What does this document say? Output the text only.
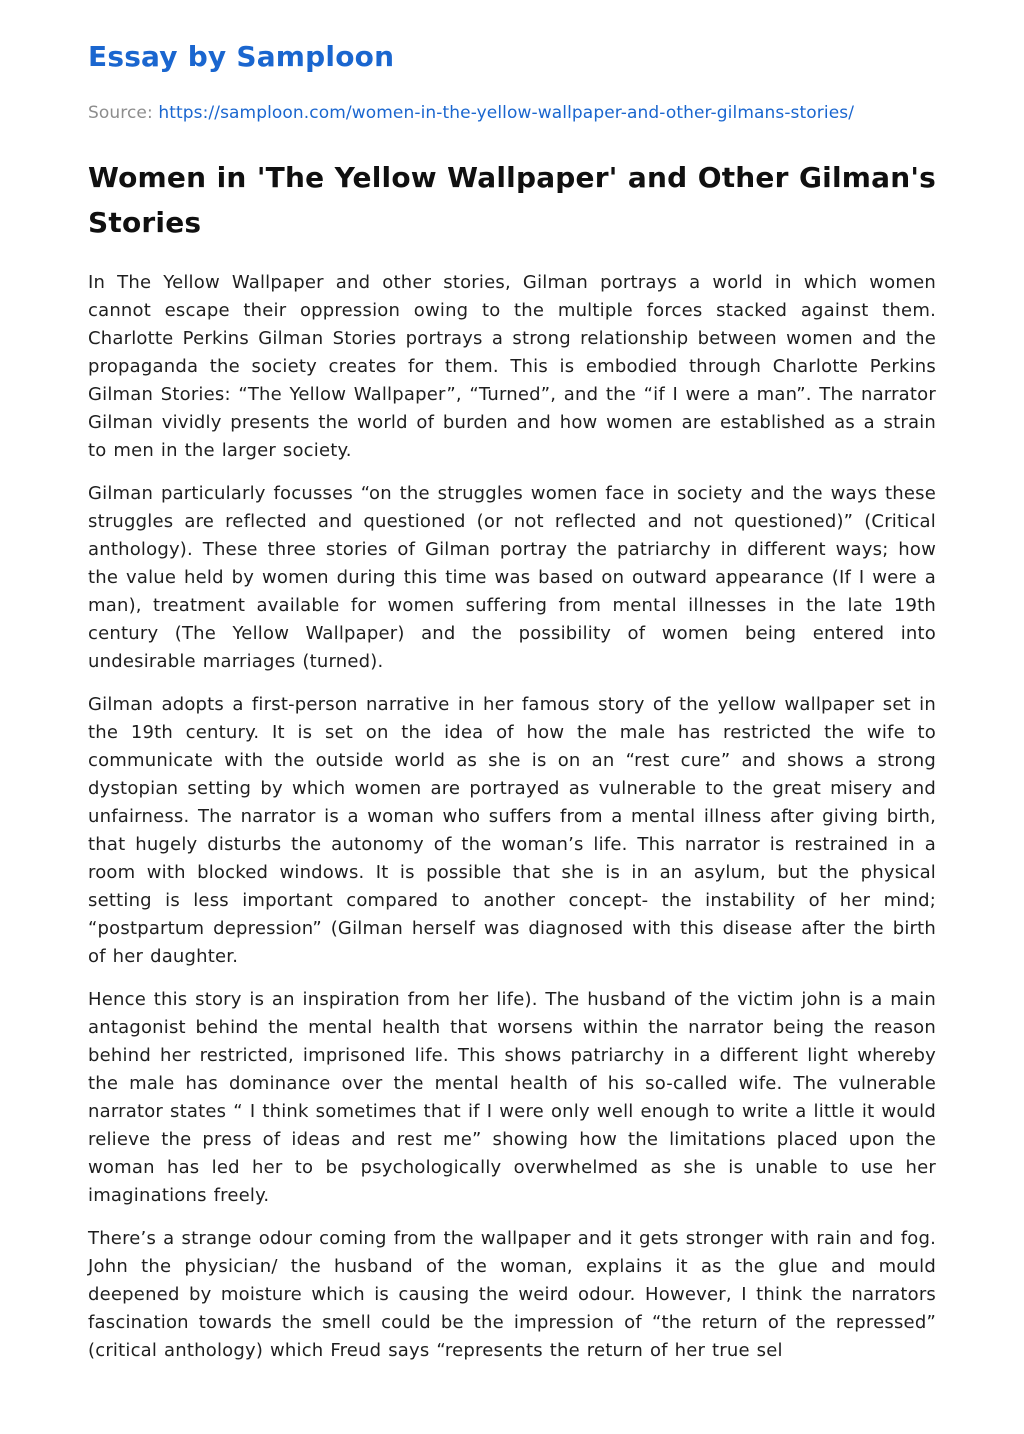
Essay by Samploon
Source: https://samploon.com/women-in-the-yellow-wallpaper-and-other-gilmans-stories/
Women in 'The Yellow Wallpaper' and Other Gilman's Stories

In The Yellow Wallpaper and other stories, Gilman portrays a world in which women cannot escape their oppression owing to the multiple forces stacked against them. Charlotte Perkins Gilman Stories portrays a strong relationship between women and the propaganda the society creates for them. This is embodied through Charlotte Perkins Gilman Stories: “The Yellow Wallpaper”, “Turned”, and the “if I were a man”. The narrator Gilman vividly presents the world of burden and how women are established as a strain to men in the larger society.

Gilman particularly focusses “on the struggles women face in society and the ways these struggles are reflected and questioned (or not reflected and not questioned)” (Critical anthology). These three stories of Gilman portray the patriarchy in different ways; how the value held by women during this time was based on outward appearance (If I were a man), treatment available for women suffering from mental illnesses in the late 19th century (The Yellow Wallpaper) and the possibility of women being entered into undesirable marriages (turned).

Gilman adopts a first-person narrative in her famous story of the yellow wallpaper set in the 19th century. It is set on the idea of how the male has restricted the wife to communicate with the outside world as she is on an “rest cure” and shows a strong dystopian setting by which women are portrayed as vulnerable to the great misery and unfairness. The narrator is a woman who suffers from a mental illness after giving birth, that hugely disturbs the autonomy of the woman’s life. This narrator is restrained in a room with blocked windows. It is possible that she is in an asylum, but the physical setting is less important compared to another concept- the instability of her mind; “postpartum depression” (Gilman herself was diagnosed with this disease after the birth of her daughter.

Hence this story is an inspiration from her life). The husband of the victim john is a main antagonist behind the mental health that worsens within the narrator being the reason behind her restricted, imprisoned life. This shows patriarchy in a different light whereby the male has dominance over the mental health of his so-called wife. The vulnerable narrator states “ I think sometimes that if I were only well enough to write a little it would relieve the press of ideas and rest me” showing how the limitations placed upon the woman has led her to be psychologically overwhelmed as she is unable to use her imaginations freely.

There’s a strange odour coming from the wallpaper and it gets stronger with rain and fog. John the physician/ the husband of the woman, explains it as the glue and mould deepened by moisture which is causing the weird odour. However, I think the narrators fascination towards the smell could be the impression of “the return of the repressed” (critical anthology) which Freud says “represents the return of her true sel
